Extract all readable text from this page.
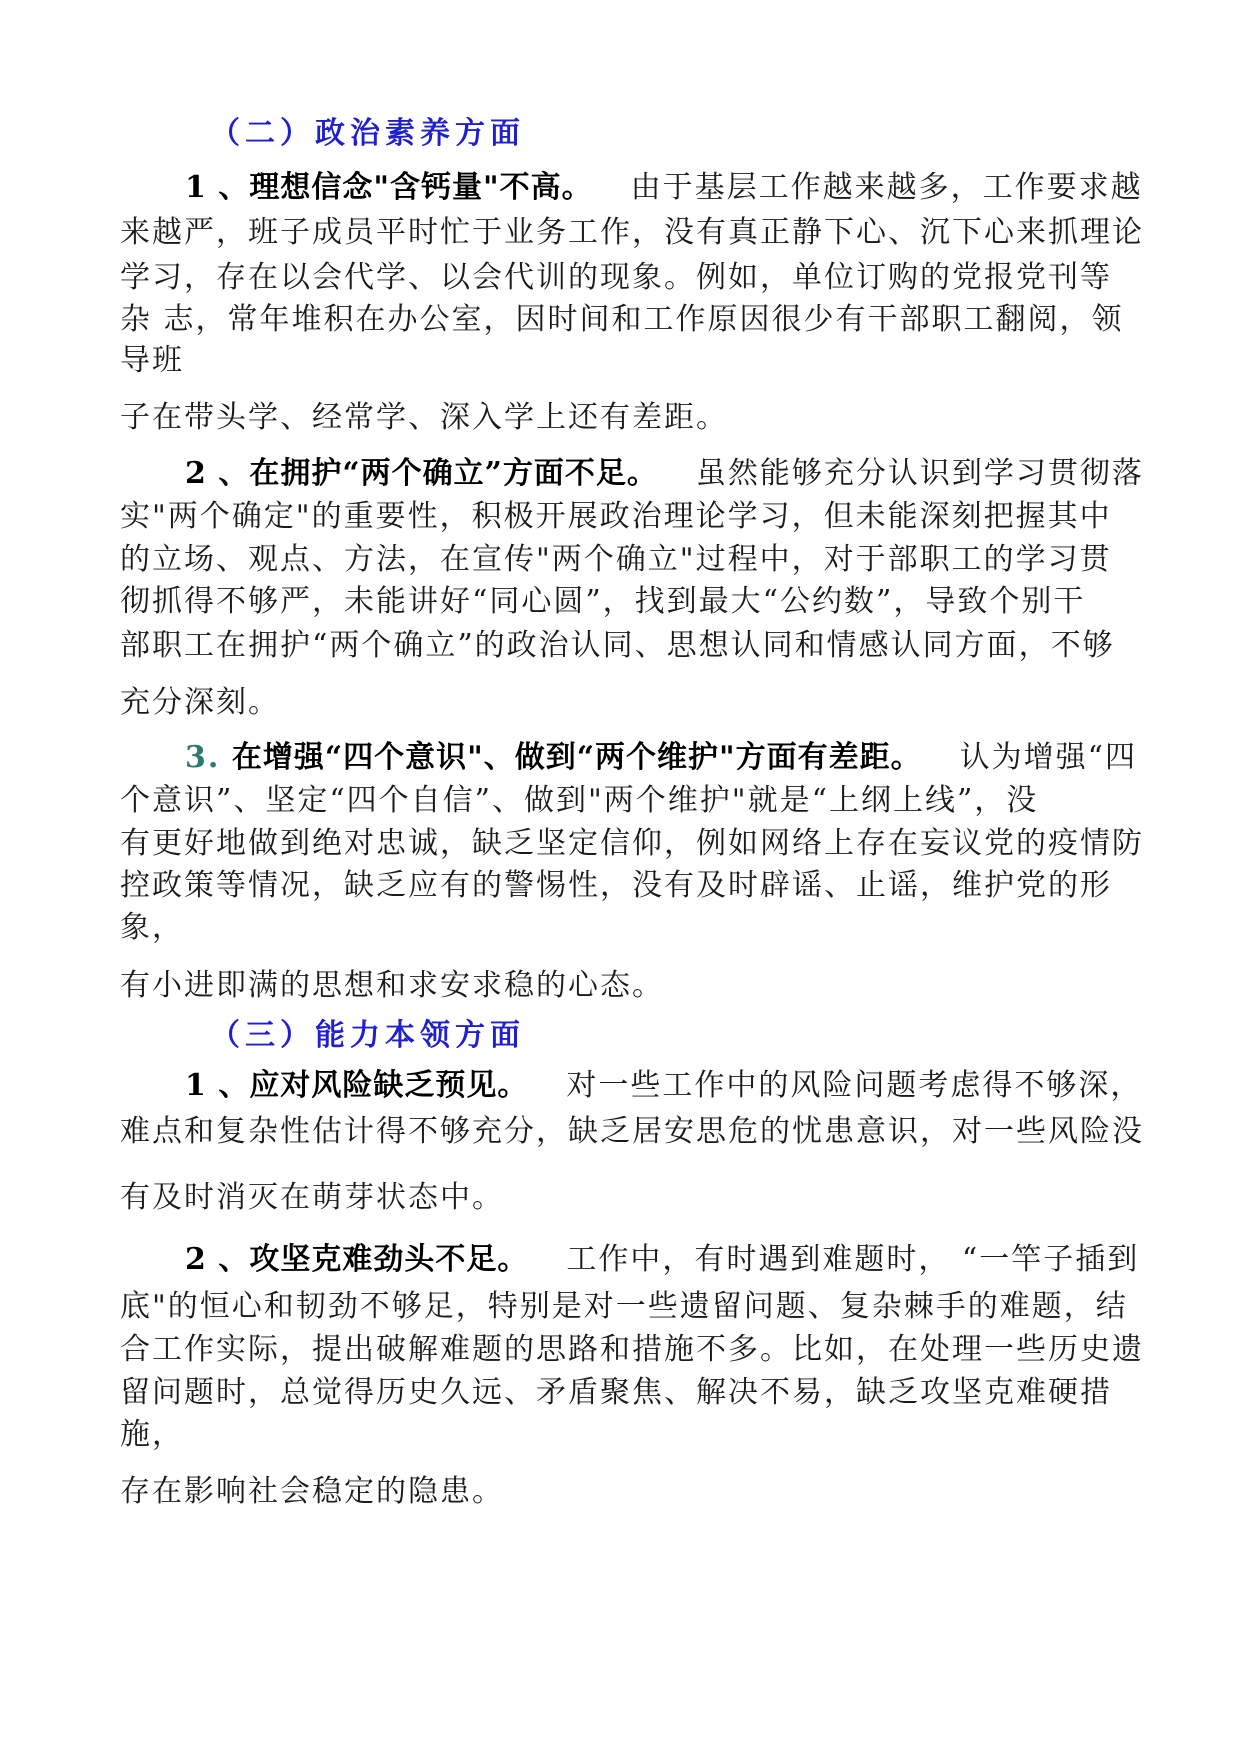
（二）政治素养方面
1 、理想信念"含钙量"不高。 由于基层工作越来越多，工作要求越
来越严，班子成员平时忙于业务工作，没有真正静下心、沉下心来抓理论
学习，存在以会代学、以会代训的现象。例如，单位订购的党报党刊等
杂 志，常年堆积在办公室，因时间和工作原因很少有干部职工翻阅，领
导班
子在带头学、经常学、深入学上还有差距。
2 、在拥护“两个确立”方面不足。 虽然能够充分认识到学习贯彻落
实"两个确定"的重要性，积极开展政治理论学习，但未能深刻把握其中
的立场、观点、方法，在宣传"两个确立"过程中，对于部职工的学习贯
彻抓得不够严，未能讲好“同心圆”，找到最大“公约数”，导致个别干
部职工在拥护“两个确立”的政治认同、思想认同和情感认同方面，不够
充分深刻。
3. 在增强“四个意识"、做到“两个维护"方面有差距。 认为增强“四
个意识”、坚定“四个自信”、做到"两个维护"就是“上纲上线”，没
有更好地做到绝对忠诚，缺乏坚定信仰，例如网络上存在妄议党的疫情防
控政策等情况，缺乏应有的警惕性，没有及时辟谣、止谣，维护党的形
象，
有小进即满的思想和求安求稳的心态。
（三）能力本领方面
1 、应对风险缺乏预见。 对一些工作中的风险问题考虑得不够深，
难点和复杂性估计得不够充分，缺乏居安思危的忧患意识，对一些风险没
有及时消灭在萌芽状态中。
2 、攻坚克难劲头不足。 工作中，有时遇到难题时， “一竿子插到
底"的恒心和韧劲不够足，特别是对一些遗留问题、复杂棘手的难题，结
合工作实际，提出破解难题的思路和措施不多。比如，在处理一些历史遗
留问题时，总觉得历史久远、矛盾聚焦、解决不易，缺乏攻坚克难硬措
施，
存在影响社会稳定的隐患。
